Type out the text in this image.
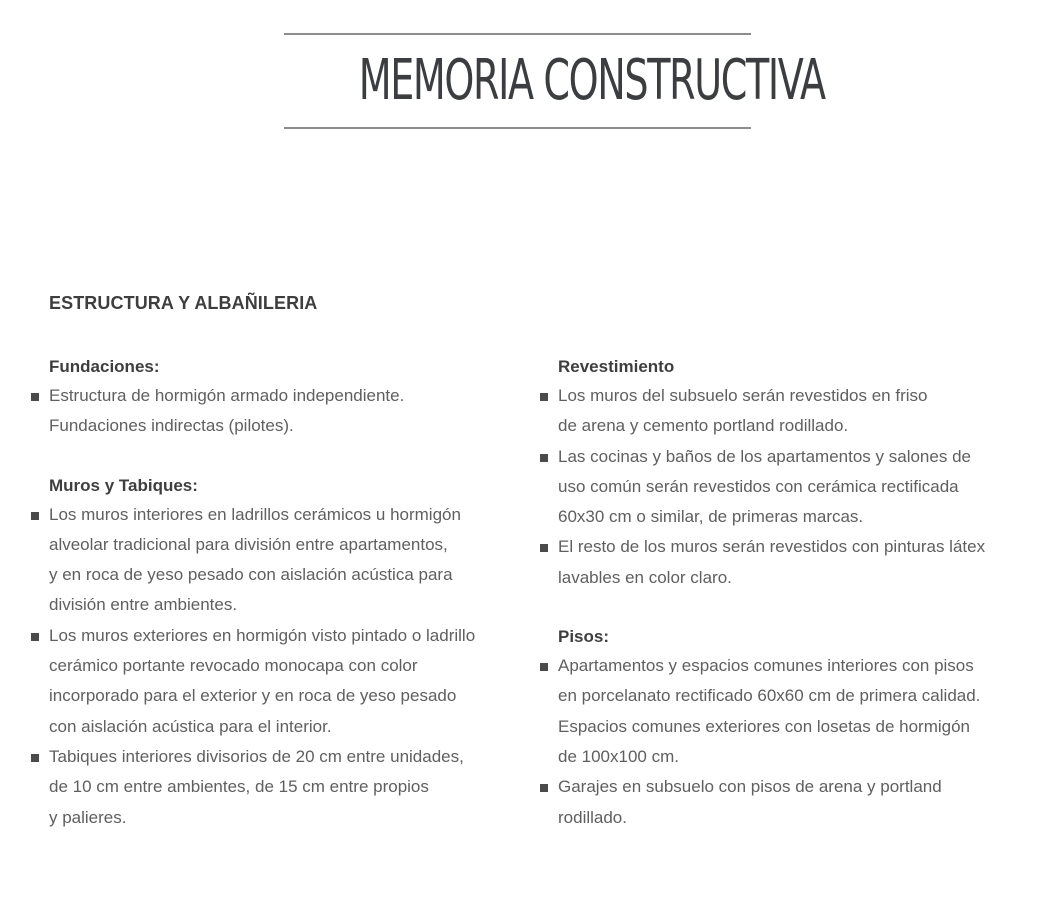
MEMORIA CONSTRUCTIVA
ESTRUCTURA Y ALBAÑILERIA
Fundaciones:
Estructura de hormigón armado independiente.
Fundaciones indirectas (pilotes).
Muros y Tabiques:
Los muros interiores en ladrillos cerámicos u hormigón
alveolar tradicional para división entre apartamentos,
y en roca de yeso pesado con aislación acústica para
división entre ambientes.
Los muros exteriores en hormigón visto pintado o ladrillo
cerámico portante revocado monocapa con color
incorporado para el exterior y en roca de yeso pesado
con aislación acústica para el interior.
Tabiques interiores divisorios de 20 cm entre unidades,
de 10 cm entre ambientes, de 15 cm entre propios
y palieres.
Revestimiento
Los muros del subsuelo serán revestidos en friso
de arena y cemento portland rodillado.
Las cocinas y baños de los apartamentos y salones de
uso común serán revestidos con cerámica rectificada
60x30 cm o similar, de primeras marcas.
El resto de los muros serán revestidos con pinturas látex
lavables en color claro.
Pisos:
Apartamentos y espacios comunes interiores con pisos
en porcelanato rectificado 60x60 cm de primera calidad.
Espacios comunes exteriores con losetas de hormigón
de 100x100 cm.
Garajes en subsuelo con pisos de arena y portland
rodillado.
